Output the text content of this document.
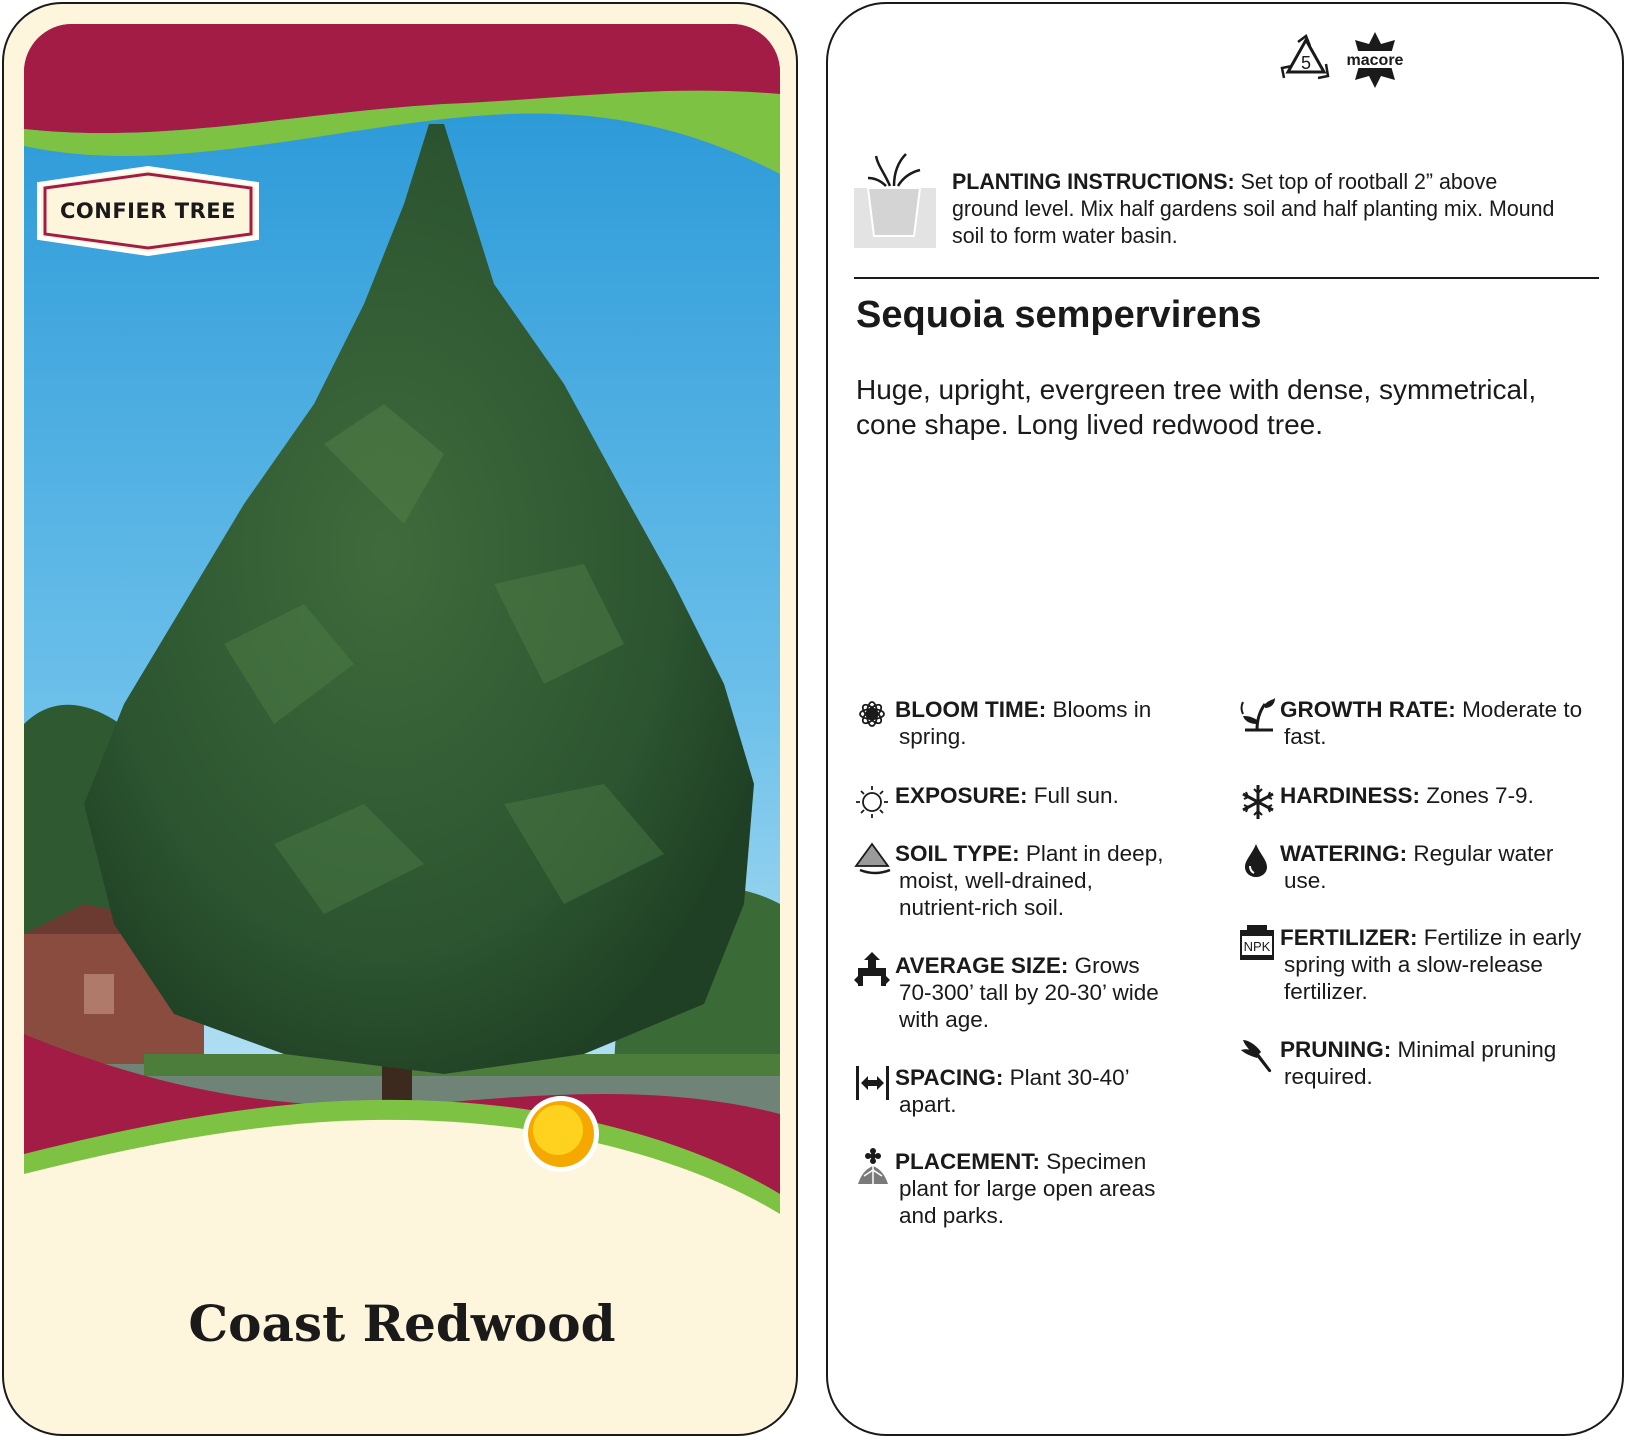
CONFIER TREE
Coast Redwood
5 macore
PLANTING INSTRUCTIONS: Set top of rootball 2” above ground level. Mix half gardens soil and half planting mix. Mound soil to form water basin.
Sequoia sempervirens
Huge, upright, evergreen tree with dense, symmetrical, cone shape. Long lived redwood tree.
BLOOM TIME: Blooms in
spring.
EXPOSURE: Full sun.
SOIL TYPE: Plant in deep,
moist, well-drained,
nutrient-rich soil.
AVERAGE SIZE: Grows
70-300’ tall by 20-30’ wide
with age.
SPACING: Plant 30-40’
apart.
PLACEMENT: Specimen
plant for large open areas
and parks.
GROWTH RATE: Moderate to
fast.
HARDINESS: Zones 7-9.
WATERING: Regular water
use.
NPK FERTILIZER: Fertilize in early
spring with a slow-release
fertilizer.
PRUNING: Minimal pruning
required.
